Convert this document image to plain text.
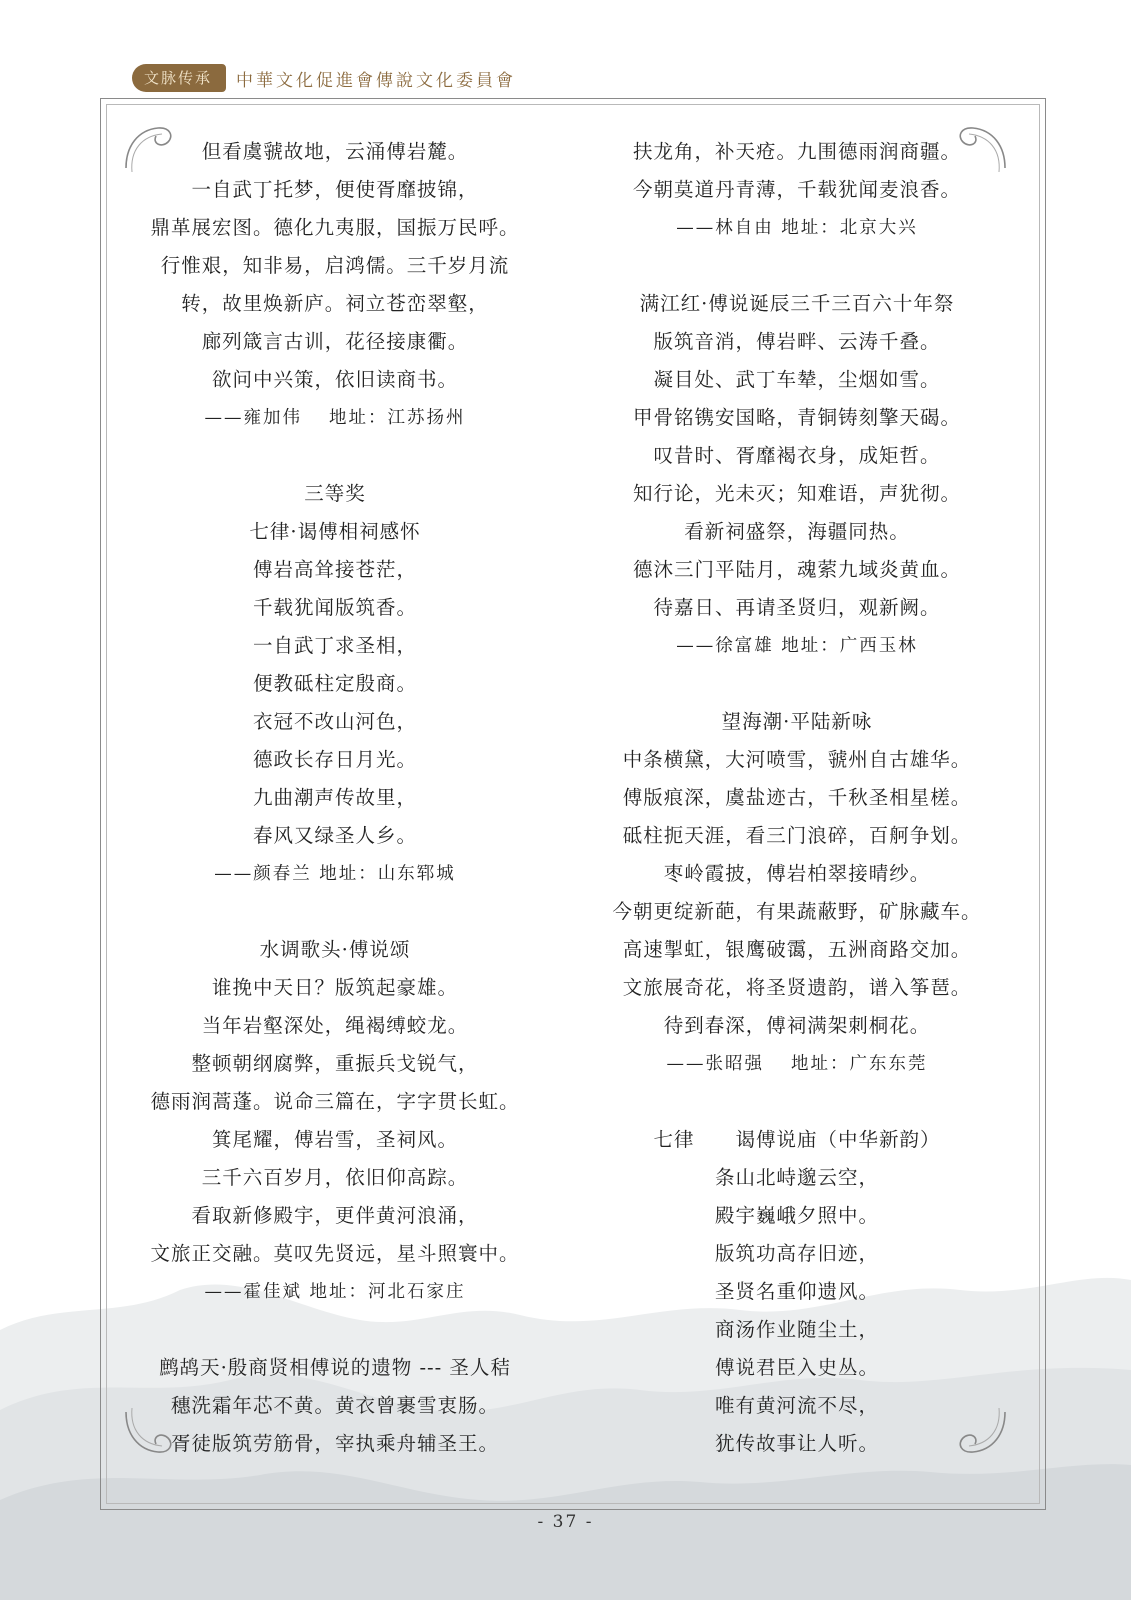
文脉传承	中華文化促進會傳說文化委員會
但看虞虢故地，云涌傅岩麓。
一自武丁托梦，便使胥靡披锦，
鼎革展宏图。德化九夷服，国振万民呼。
行惟艰，知非易，启鸿儒。三千岁月流
转，故里焕新庐。祠立苍峦翠壑，
廊列箴言古训，花径接康衢。
欲问中兴策，依旧读商书。
——雍加伟　 地址：江苏扬州
三等奖
七律·谒傅相祠感怀
傅岩高耸接苍茫，
千载犹闻版筑香。
一自武丁求圣相，
便教砥柱定殷商。
衣冠不改山河色，
德政长存日月光。
九曲潮声传故里，
春风又绿圣人乡。
——颜春兰 地址：山东郓城
水调歌头·傅说颂
谁挽中天日？版筑起豪雄。
当年岩壑深处，绳褐缚蛟龙。
整顿朝纲腐弊，重振兵戈锐气，
德雨润蒿蓬。说命三篇在，字字贯长虹。
箕尾耀，傅岩雪，圣祠风。
三千六百岁月，依旧仰高踪。
看取新修殿宇，更伴黄河浪涌，
文旅正交融。莫叹先贤远，星斗照寰中。
——霍佳斌 地址：河北石家庄
鹧鸪天·殷商贤相傅说的遗物 --- 圣人秸
穗洗霜年芯不黄。黄衣曾裹雪衷肠。
胥徒版筑劳筋骨，宰执乘舟辅圣王。
扶龙角，补天疮。九围德雨润商疆。
今朝莫道丹青薄，千载犹闻麦浪香。
——林自由 地址：北京大兴
满江红·傅说诞辰三千三百六十年祭
版筑音消，傅岩畔、云涛千叠。
凝目处、武丁车辇，尘烟如雪。
甲骨铭镌安国略，青铜铸刻擎天碣。
叹昔时、胥靡褐衣身，成矩哲。
知行论，光未灭；知难语，声犹彻。
看新祠盛祭，海疆同热。
德沐三门平陆月，魂萦九域炎黄血。
待嘉日、再请圣贤归，观新阙。
——徐富雄 地址：广西玉林
望海潮·平陆新咏
中条横黛，大河喷雪，虢州自古雄华。
傅版痕深，虞盐迹古，千秋圣相星槎。
砥柱扼天涯，看三门浪碎，百舸争划。
枣岭霞披，傅岩柏翠接晴纱。
今朝更绽新葩，有果蔬蔽野，矿脉藏车。
高速掣虹，银鹰破霭，五洲商路交加。
文旅展奇花，将圣贤遗韵，谱入筝琶。
待到春深，傅祠满架刺桐花。
——张昭强　 地址：广东东莞
七律　　谒傅说庙（中华新韵）
条山北峙邈云空，
殿宇巍峨夕照中。
版筑功高存旧迹，
圣贤名重仰遗风。
商汤作业随尘土，
傅说君臣入史丛。
唯有黄河流不尽，
犹传故事让人听。
- 37 -
